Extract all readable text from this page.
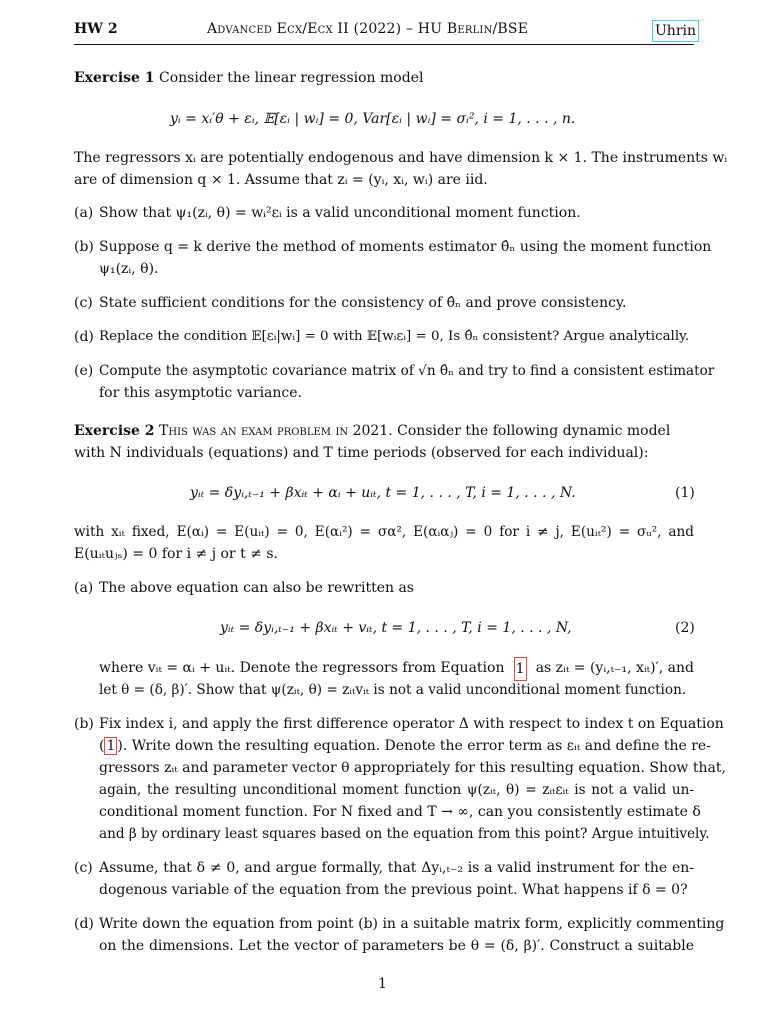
HW 2	Advanced Ecx/Ecx II (2022) – HU Berlin/BSE	Uhrin
Exercise 1 Consider the linear regression model
yᵢ = xᵢ′θ + εᵢ, 𝔼[εᵢ | wᵢ] = 0, Var[εᵢ | wᵢ] = σᵢ², i = 1, . . . , n.
The regressors xᵢ are potentially endogenous and have dimension k × 1. The instruments wᵢ
are of dimension q × 1. Assume that zᵢ = (yᵢ, xᵢ, wᵢ) are iid.
(a) Show that ψ₁(zᵢ, θ) = wᵢ²εᵢ is a valid unconditional moment function.
(b) Suppose q = k derive the method of moments estimator θ̂ₙ using the moment function
ψ₁(zᵢ, θ).
(c) State sufficient conditions for the consistency of θ̂ₙ and prove consistency.
(d) Replace the condition 𝔼[εᵢ|wᵢ] = 0 with 𝔼[wᵢεᵢ] = 0, Is θ̂ₙ consistent? Argue analytically.
(e) Compute the asymptotic covariance matrix of √n θ̂ₙ and try to find a consistent estimator
for this asymptotic variance.
Exercise 2 This was an exam problem in 2021. Consider the following dynamic model
with N individuals (equations) and T time periods (observed for each individual):
yᵢₜ = δyᵢ,ₜ₋₁ + βxᵢₜ + αᵢ + uᵢₜ, t = 1, . . . , T, i = 1, . . . , N.	(1)
with xᵢₜ fixed, E(αᵢ) = E(uᵢₜ) = 0, E(αᵢ²) = σα², E(αᵢαⱼ) = 0 for i ≠ j, E(uᵢₜ²) = σᵤ², and
E(uᵢₜuⱼₛ) = 0 for i ≠ j or t ≠ s.
(a) The above equation can also be rewritten as
yᵢₜ = δyᵢ,ₜ₋₁ + βxᵢₜ + vᵢₜ, t = 1, . . . , T, i = 1, . . . , N,	(2)
where vᵢₜ = αᵢ + uᵢₜ. Denote the regressors from Equation 1 as zᵢₜ = (yᵢ,ₜ₋₁, xᵢₜ)′, and
let θ = (δ, β)′. Show that ψ(zᵢₜ, θ) = zᵢₜvᵢₜ is not a valid unconditional moment function.
(b) Fix index i, and apply the first difference operator Δ with respect to index t on Equation
( 1 ). Write down the resulting equation. Denote the error term as εᵢₜ and define the re-
gressors zᵢₜ and parameter vector θ appropriately for this resulting equation. Show that,
again, the resulting unconditional moment function ψ(zᵢₜ, θ) = zᵢₜεᵢₜ is not a valid un-
conditional moment function. For N fixed and T → ∞, can you consistently estimate δ
and β by ordinary least squares based on the equation from this point? Argue intuitively.
(c) Assume, that δ ≠ 0, and argue formally, that Δyᵢ,ₜ₋₂ is a valid instrument for the en-
dogenous variable of the equation from the previous point. What happens if δ = 0?
(d) Write down the equation from point (b) in a suitable matrix form, explicitly commenting
on the dimensions. Let the vector of parameters be θ = (δ, β)′. Construct a suitable
1
